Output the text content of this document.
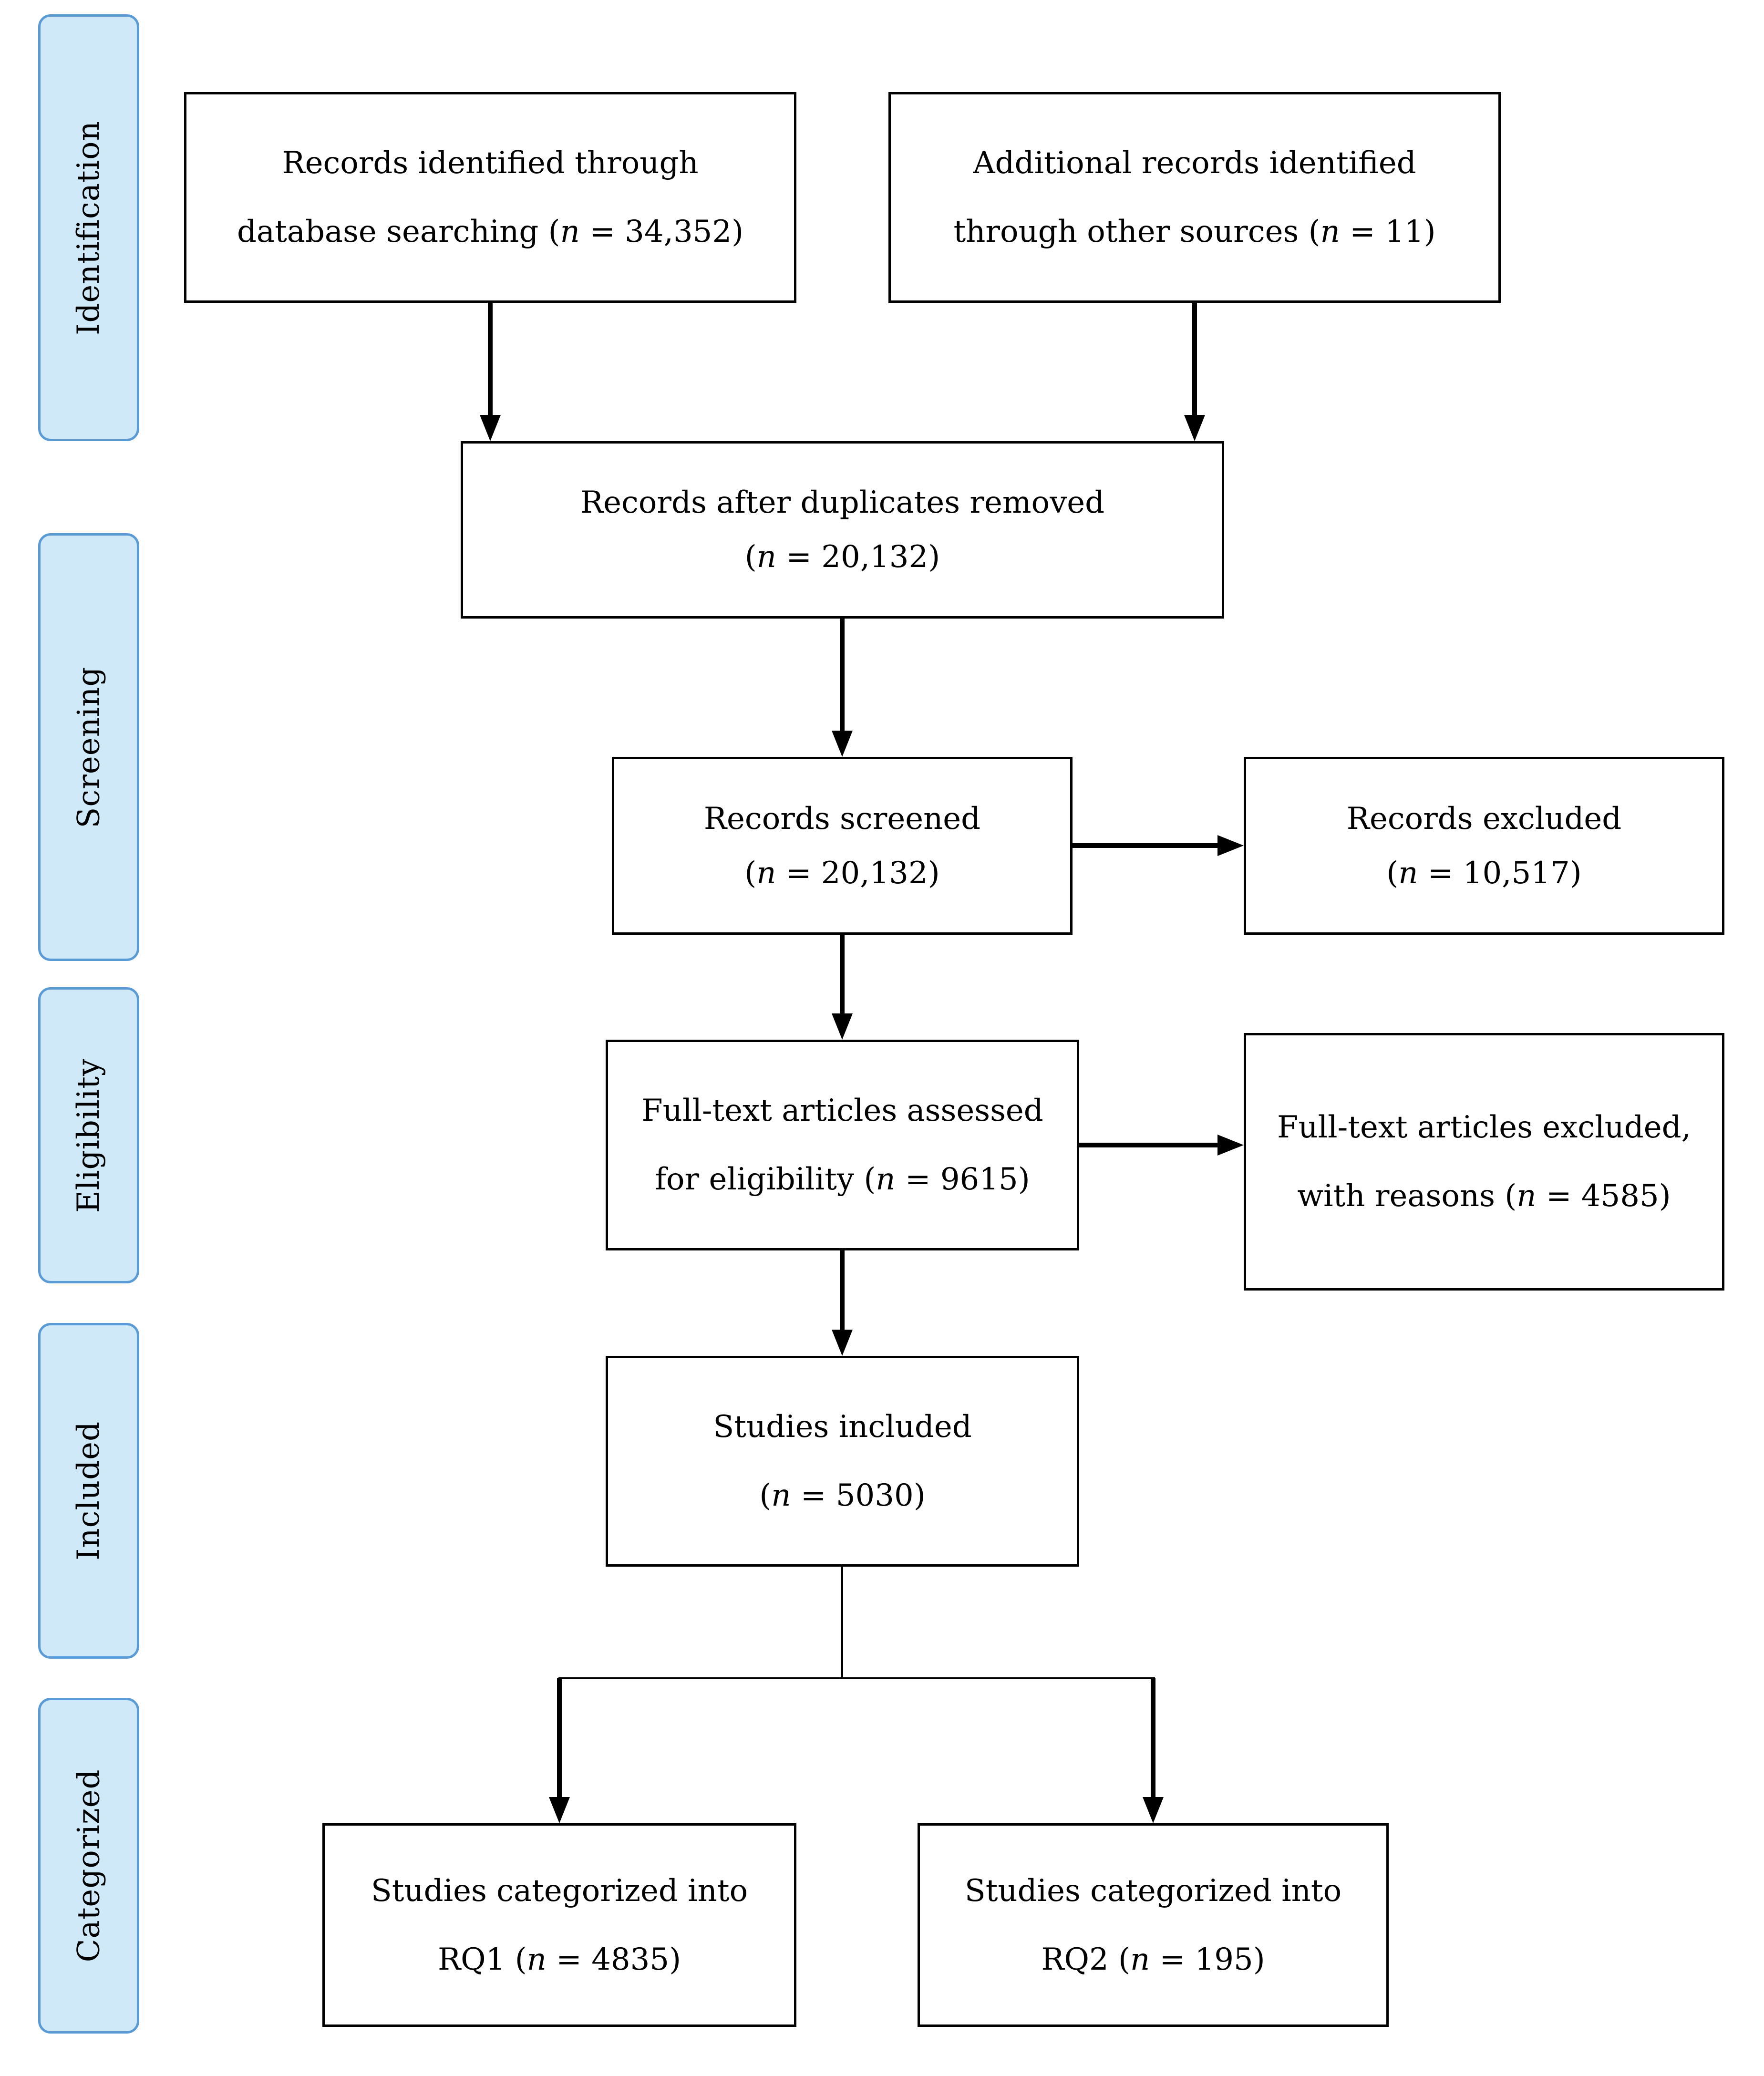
Identification
Screening
Eligibility
Included
Categorized
Records identified through
database searching (n = 34,352)
Additional records identified
through other sources (n = 11)
Records after duplicates removed
(n = 20,132)
Records screened
(n = 20,132)
Records excluded
(n = 10,517)
Full-text articles assessed
for eligibility (n = 9615)
Full-text articles excluded,
with reasons (n = 4585)
Studies included
(n = 5030)
Studies categorized into
RQ1 (n = 4835)
Studies categorized into
RQ2 (n = 195)
